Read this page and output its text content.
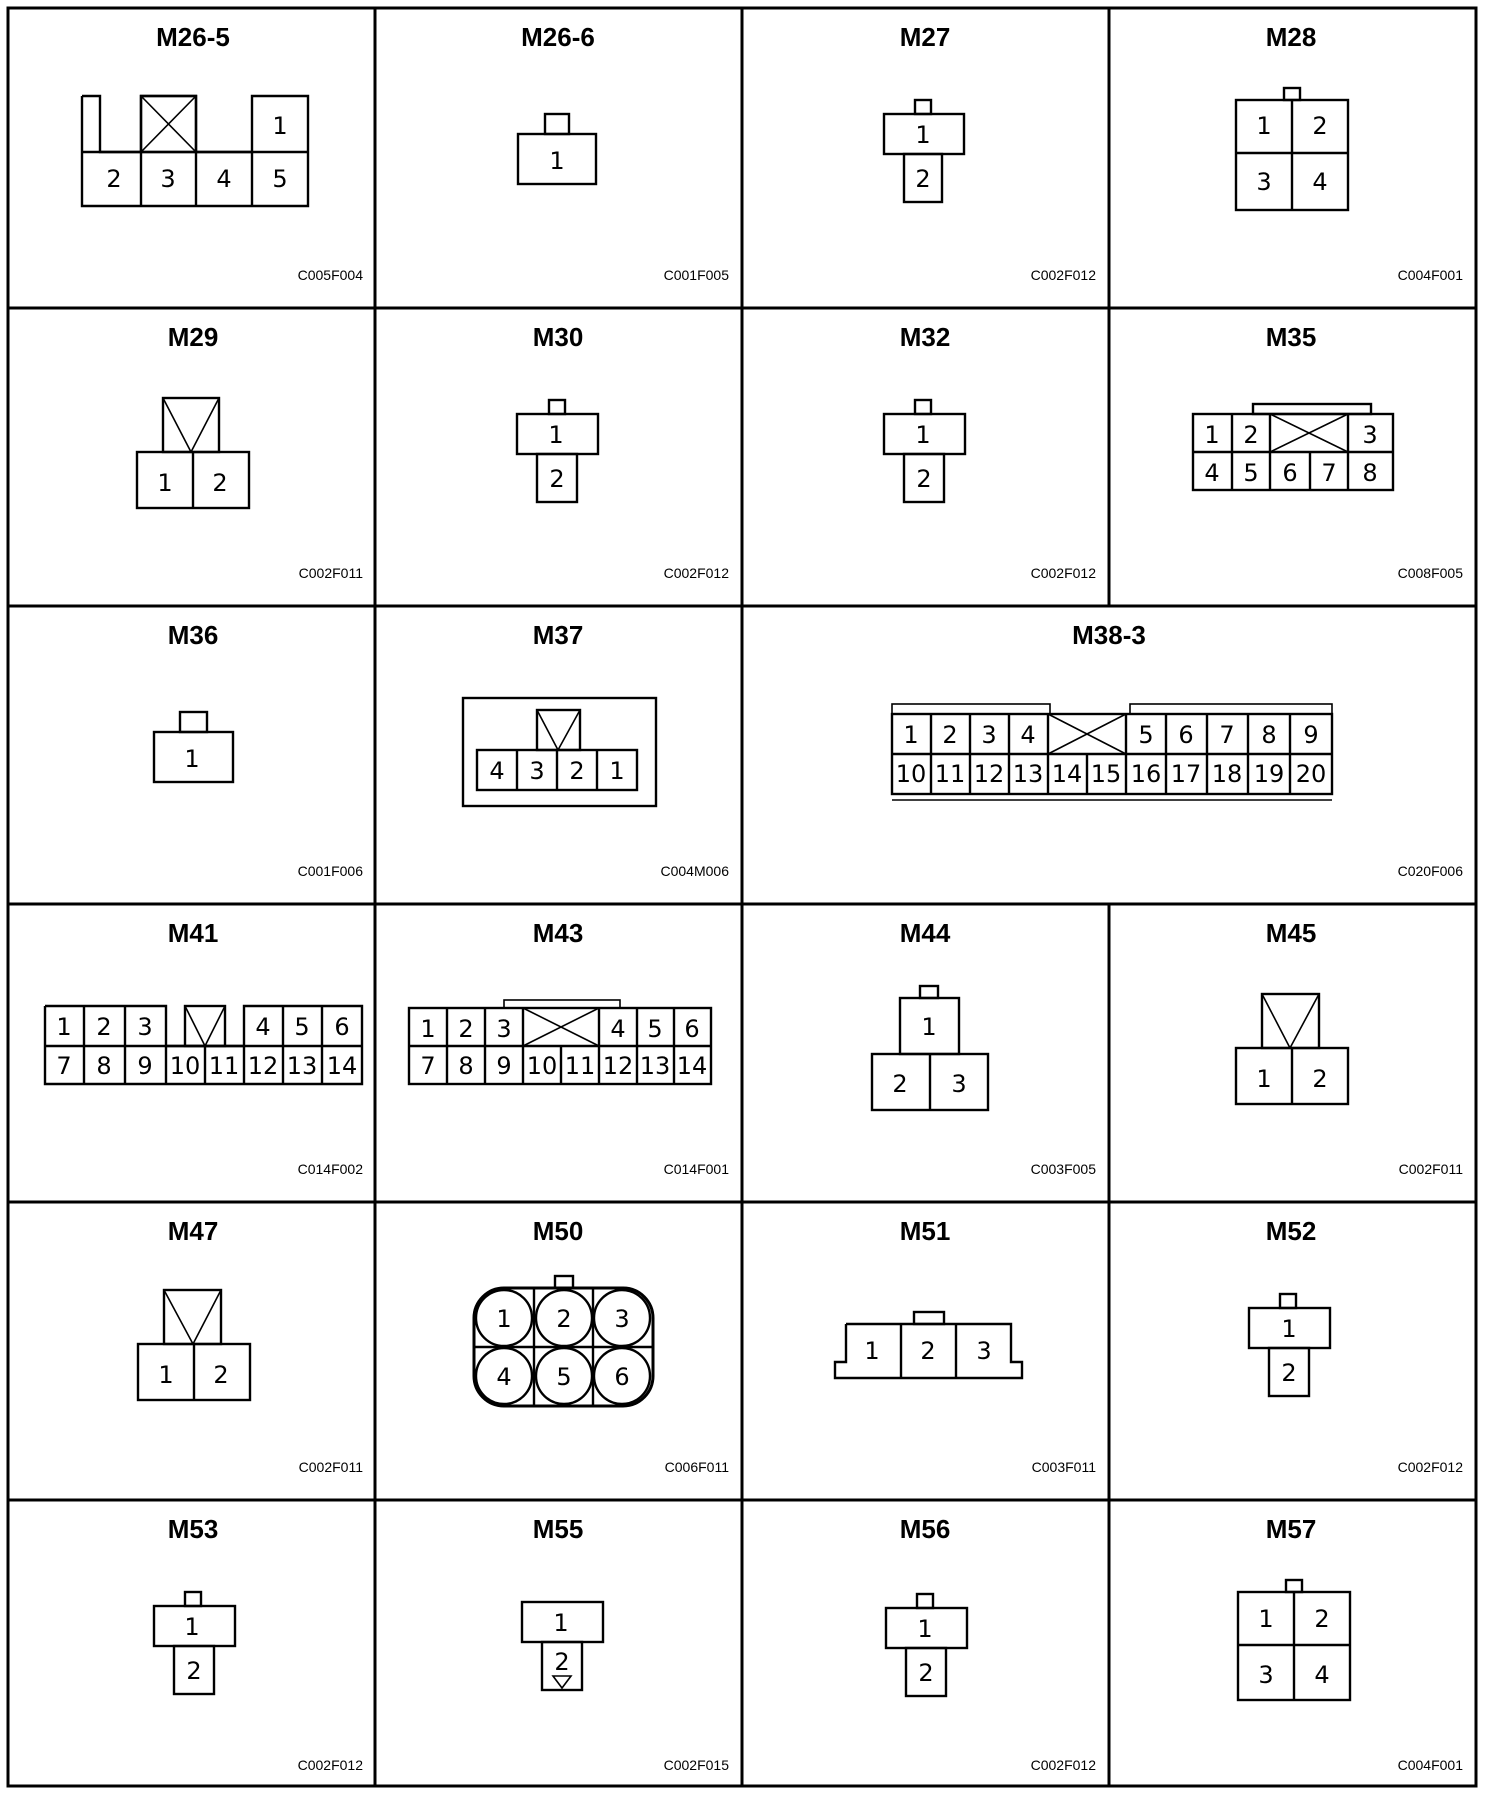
M26-5
1
2 3 4 5
C005F004
M26-6
1
C001F005
M27
1
2
C002F012
M28
1 2
3 4
C004F001
M29
1 2
C002F011
M30
1
2
C002F012
M32
1
2
C002F012
M35
1 2	3
4 5 6 7 8
C008F005
M36
1
C001F006
M37
4 3 2 1
C004M006
M38-3
1 2 3 4	5 6 7 8 9
10 11 12 13 14 15 16 17 18 19 20
C020F006
M41
1 2 3	4 5 6
7 8 9 10 11 12 13 14
C014F002
M43
1 2 3	4 5 6
7 8 9 10 11 12 13 14
C014F001
M44
1
2 3
C003F005
M45
1 2
C002F011
M47
1 2
C002F011
M50
1 2 3
4 5 6
C006F011
M51
1 2 3
C003F011
M52
1
2
C002F012
M53
1
2
C002F012
M55
1
2
C002F015
M56
1
2
C002F012
M57
1 2
3 4
C004F001
